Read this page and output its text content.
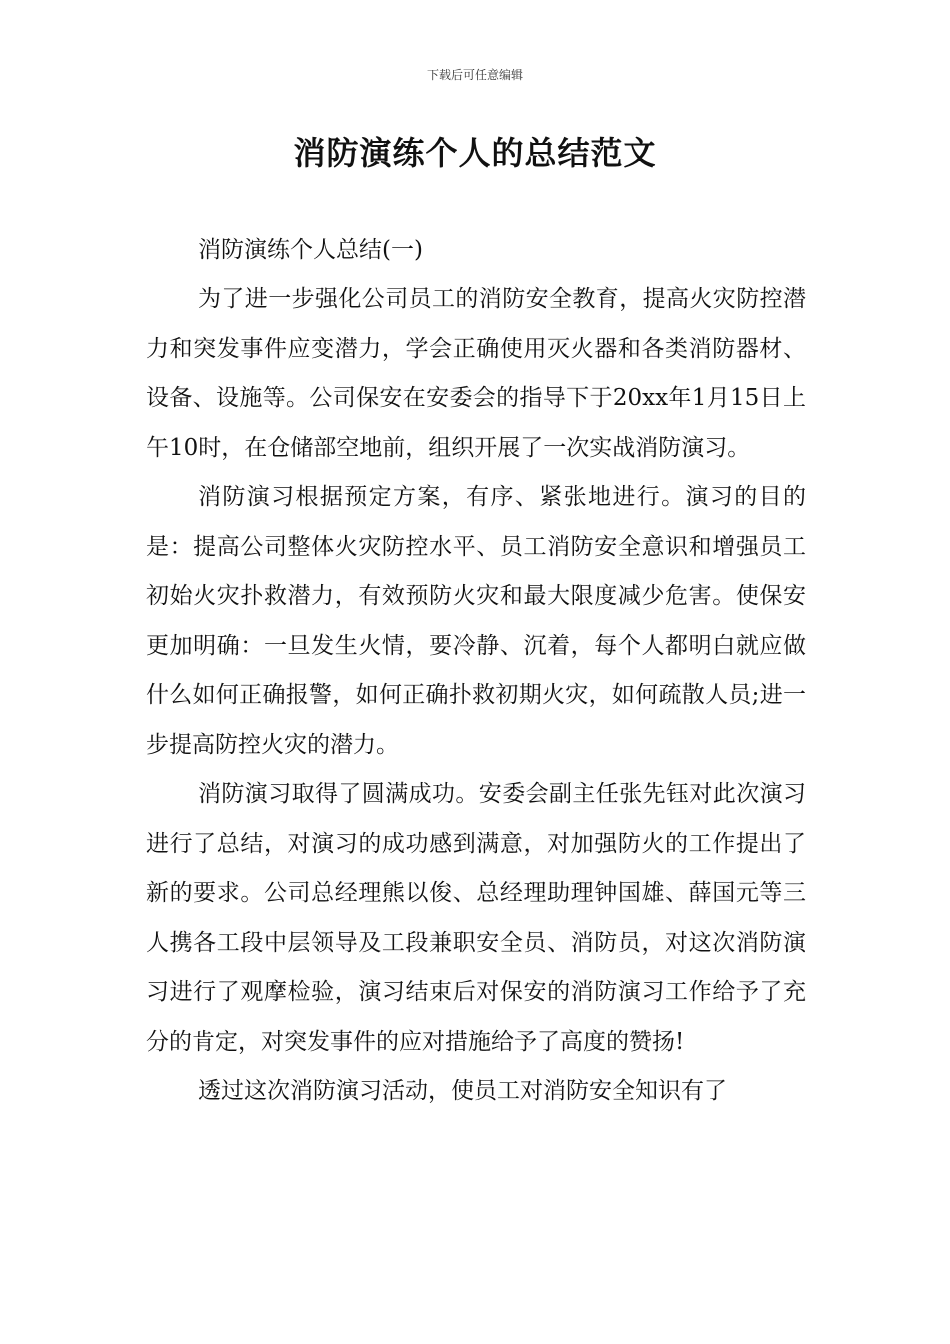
下载后可任意编辑
消防演练个人的总结范文

消防演练个人总结(一)

为了进一步强化公司员工的消防安全教育，提高火灾防控潜力和突发事件应变潜力，学会正确使用灭火器和各类消防器材、设备、设施等。公司保安在安委会的指导下于20xx年1月15日上午10时，在仓储部空地前，组织开展了一次实战消防演习。

消防演习根据预定方案，有序、紧张地进行。演习的目的是：提高公司整体火灾防控水平、员工消防安全意识和增强员工初始火灾扑救潜力，有效预防火灾和最大限度减少危害。使保安更加明确：一旦发生火情，要冷静、沉着，每个人都明白就应做什么如何正确报警，如何正确扑救初期火灾，如何疏散人员;进一步提高防控火灾的潜力。

消防演习取得了圆满成功。安委会副主任张先钰对此次演习进行了总结，对演习的成功感到满意，对加强防火的工作提出了新的要求。公司总经理熊以俊、总经理助理钟国雄、薛国元等三人携各工段中层领导及工段兼职安全员、消防员，对这次消防演习进行了观摩检验，演习结束后对保安的消防演习工作给予了充分的肯定，对突发事件的应对措施给予了高度的赞扬!

透过这次消防演习活动，使员工对消防安全知识有了
